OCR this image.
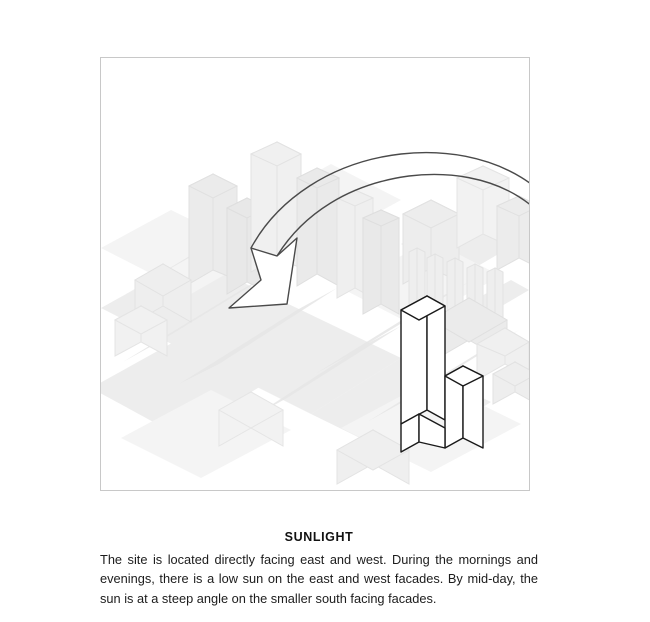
SUNLIGHT

The site is located directly facing east and west. During the mornings and evenings, there is a low sun on the east and west facades. By mid-day, the sun is at a steep angle on the smaller south facing facades.
